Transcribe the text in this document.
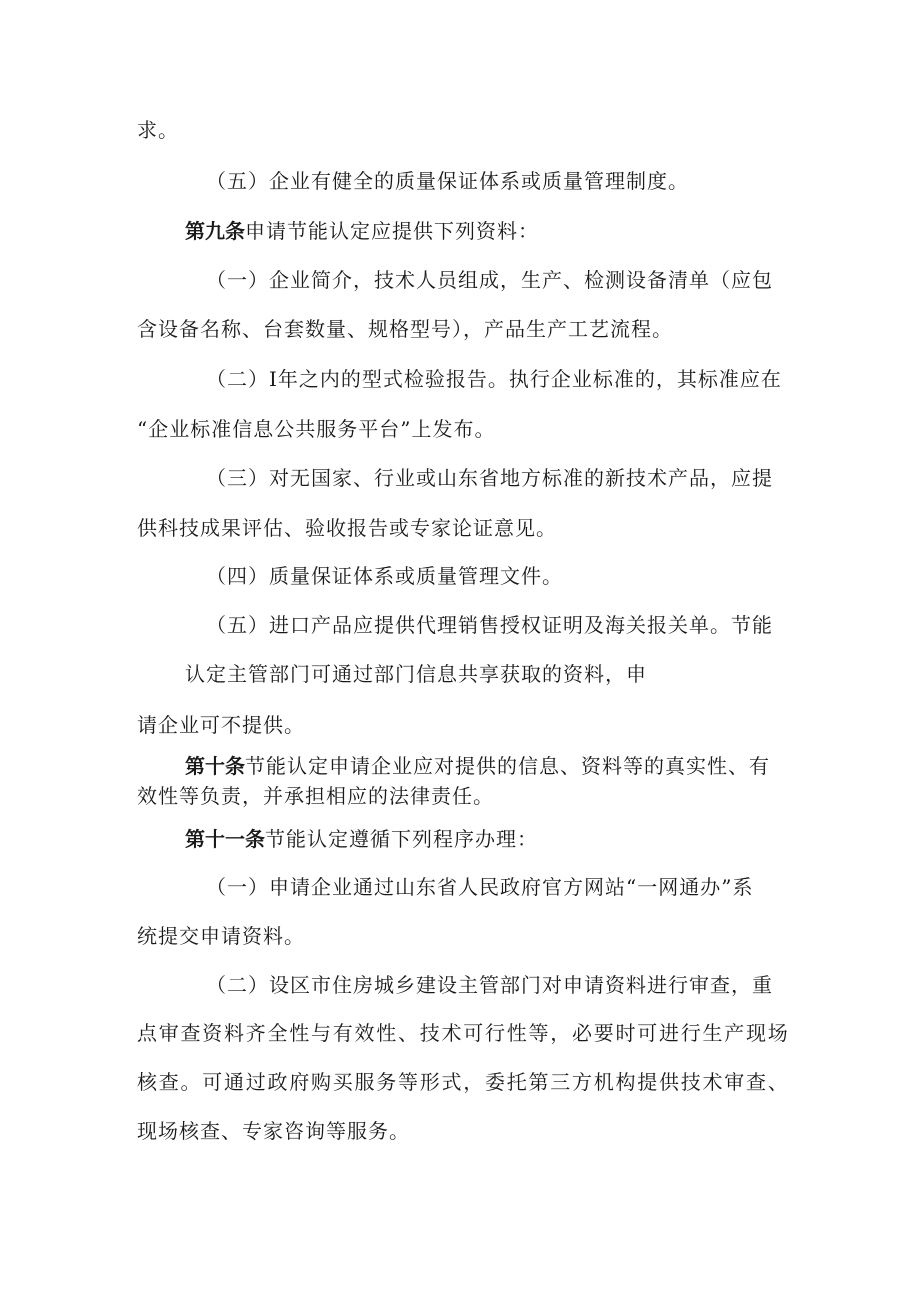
求。
（五）企业有健全的质量保证体系或质量管理制度。
第九条申请节能认定应提供下列资料：
（一）企业简介，技术人员组成，生产、检测设备清单（应包
含设备名称、台套数量、规格型号），产品生产工艺流程。
（二）Ⅰ年之内的型式检验报告。执行企业标准的，其标准应在
“企业标准信息公共服务平台”上发布。
（三）对无国家、行业或山东省地方标准的新技术产品，应提
供科技成果评估、验收报告或专家论证意见。
（四）质量保证体系或质量管理文件。
（五）进口产品应提供代理销售授权证明及海关报关单。节能
认定主管部门可通过部门信息共享获取的资料，申
请企业可不提供。
第十条节能认定申请企业应对提供的信息、资料等的真实性、有
效性等负责，并承担相应的法律责任。
第十一条节能认定遵循下列程序办理：
（一）申请企业通过山东省人民政府官方网站“一网通办”系
统提交申请资料。
（二）设区市住房城乡建设主管部门对申请资料进行审查，重
点 审 查 资 料 齐 全 性 与 有 效 性 、 技 术 可 行 性 等 ， 必 要 时 可 进 行 生 产 现 场
核 查 。 可 通 过 政 府 购 买 服 务 等 形 式 ， 委 托 第 三 方 机 构 提 供 技 术 审 查 、
现场核查、专家咨询等服务。
